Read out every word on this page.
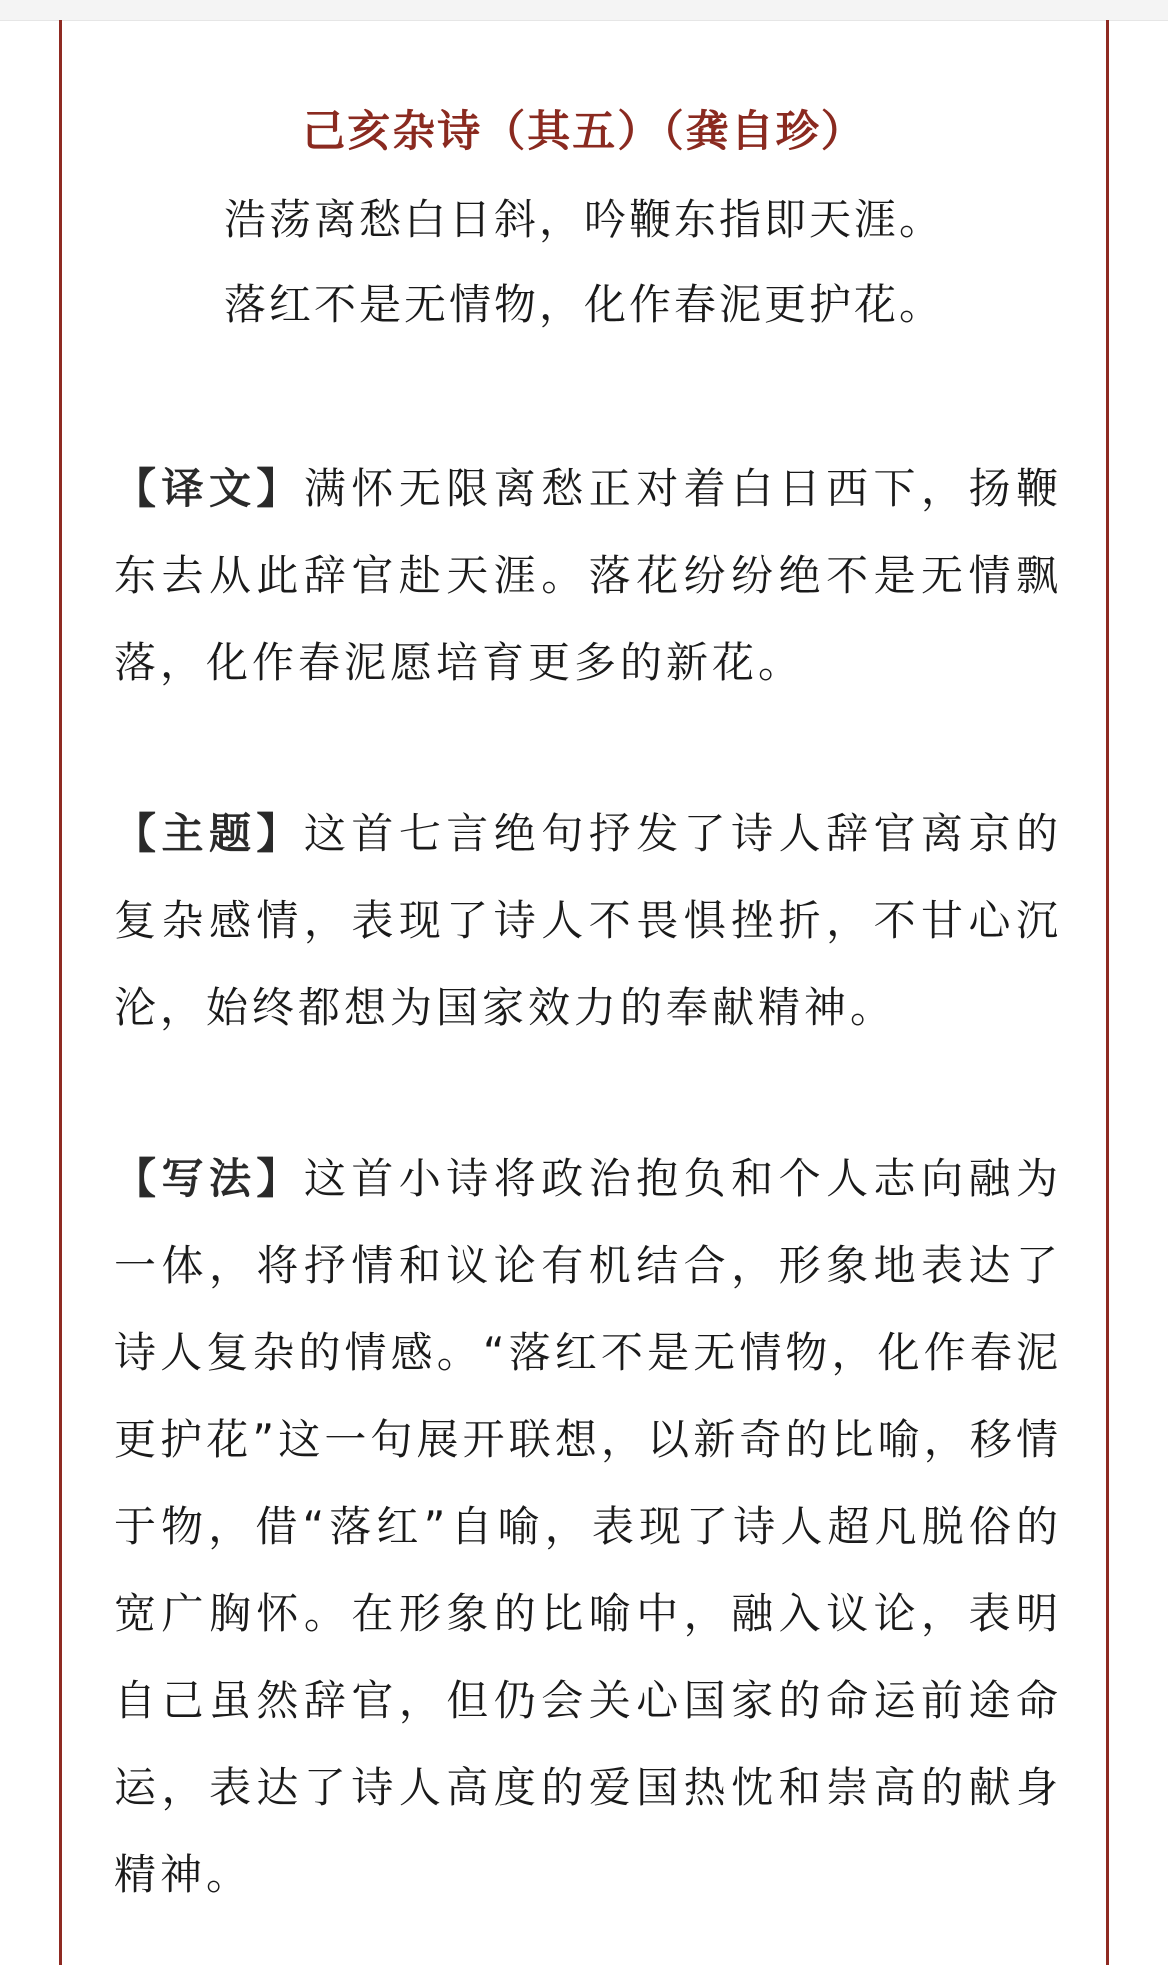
己亥杂诗（其五）（龚自珍）
浩荡离愁白日斜，吟鞭东指即天涯。
落红不是无情物，化作春泥更护花。
【译文】满怀无限离愁正对着白日西下，扬鞭东去从此辞官赴天涯。落花纷纷绝不是无情飘落，化作春泥愿培育更多的新花。
【主题】这首七言绝句抒发了诗人辞官离京的复杂感情，表现了诗人不畏惧挫折，不甘心沉沦，始终都想为国家效力的奉献精神。
【写法】这首小诗将政治抱负和个人志向融为一体，将抒情和议论有机结合，形象地表达了诗人复杂的情感。“落红不是无情物，化作春泥更护花”这一句展开联想，以新奇的比喻，移情于物，借“落红”自喻，表现了诗人超凡脱俗的宽广胸怀。在形象的比喻中，融入议论，表明自己虽然辞官，但仍会关心国家的命运前途命运，表达了诗人高度的爱国热忱和崇高的献身精神。
